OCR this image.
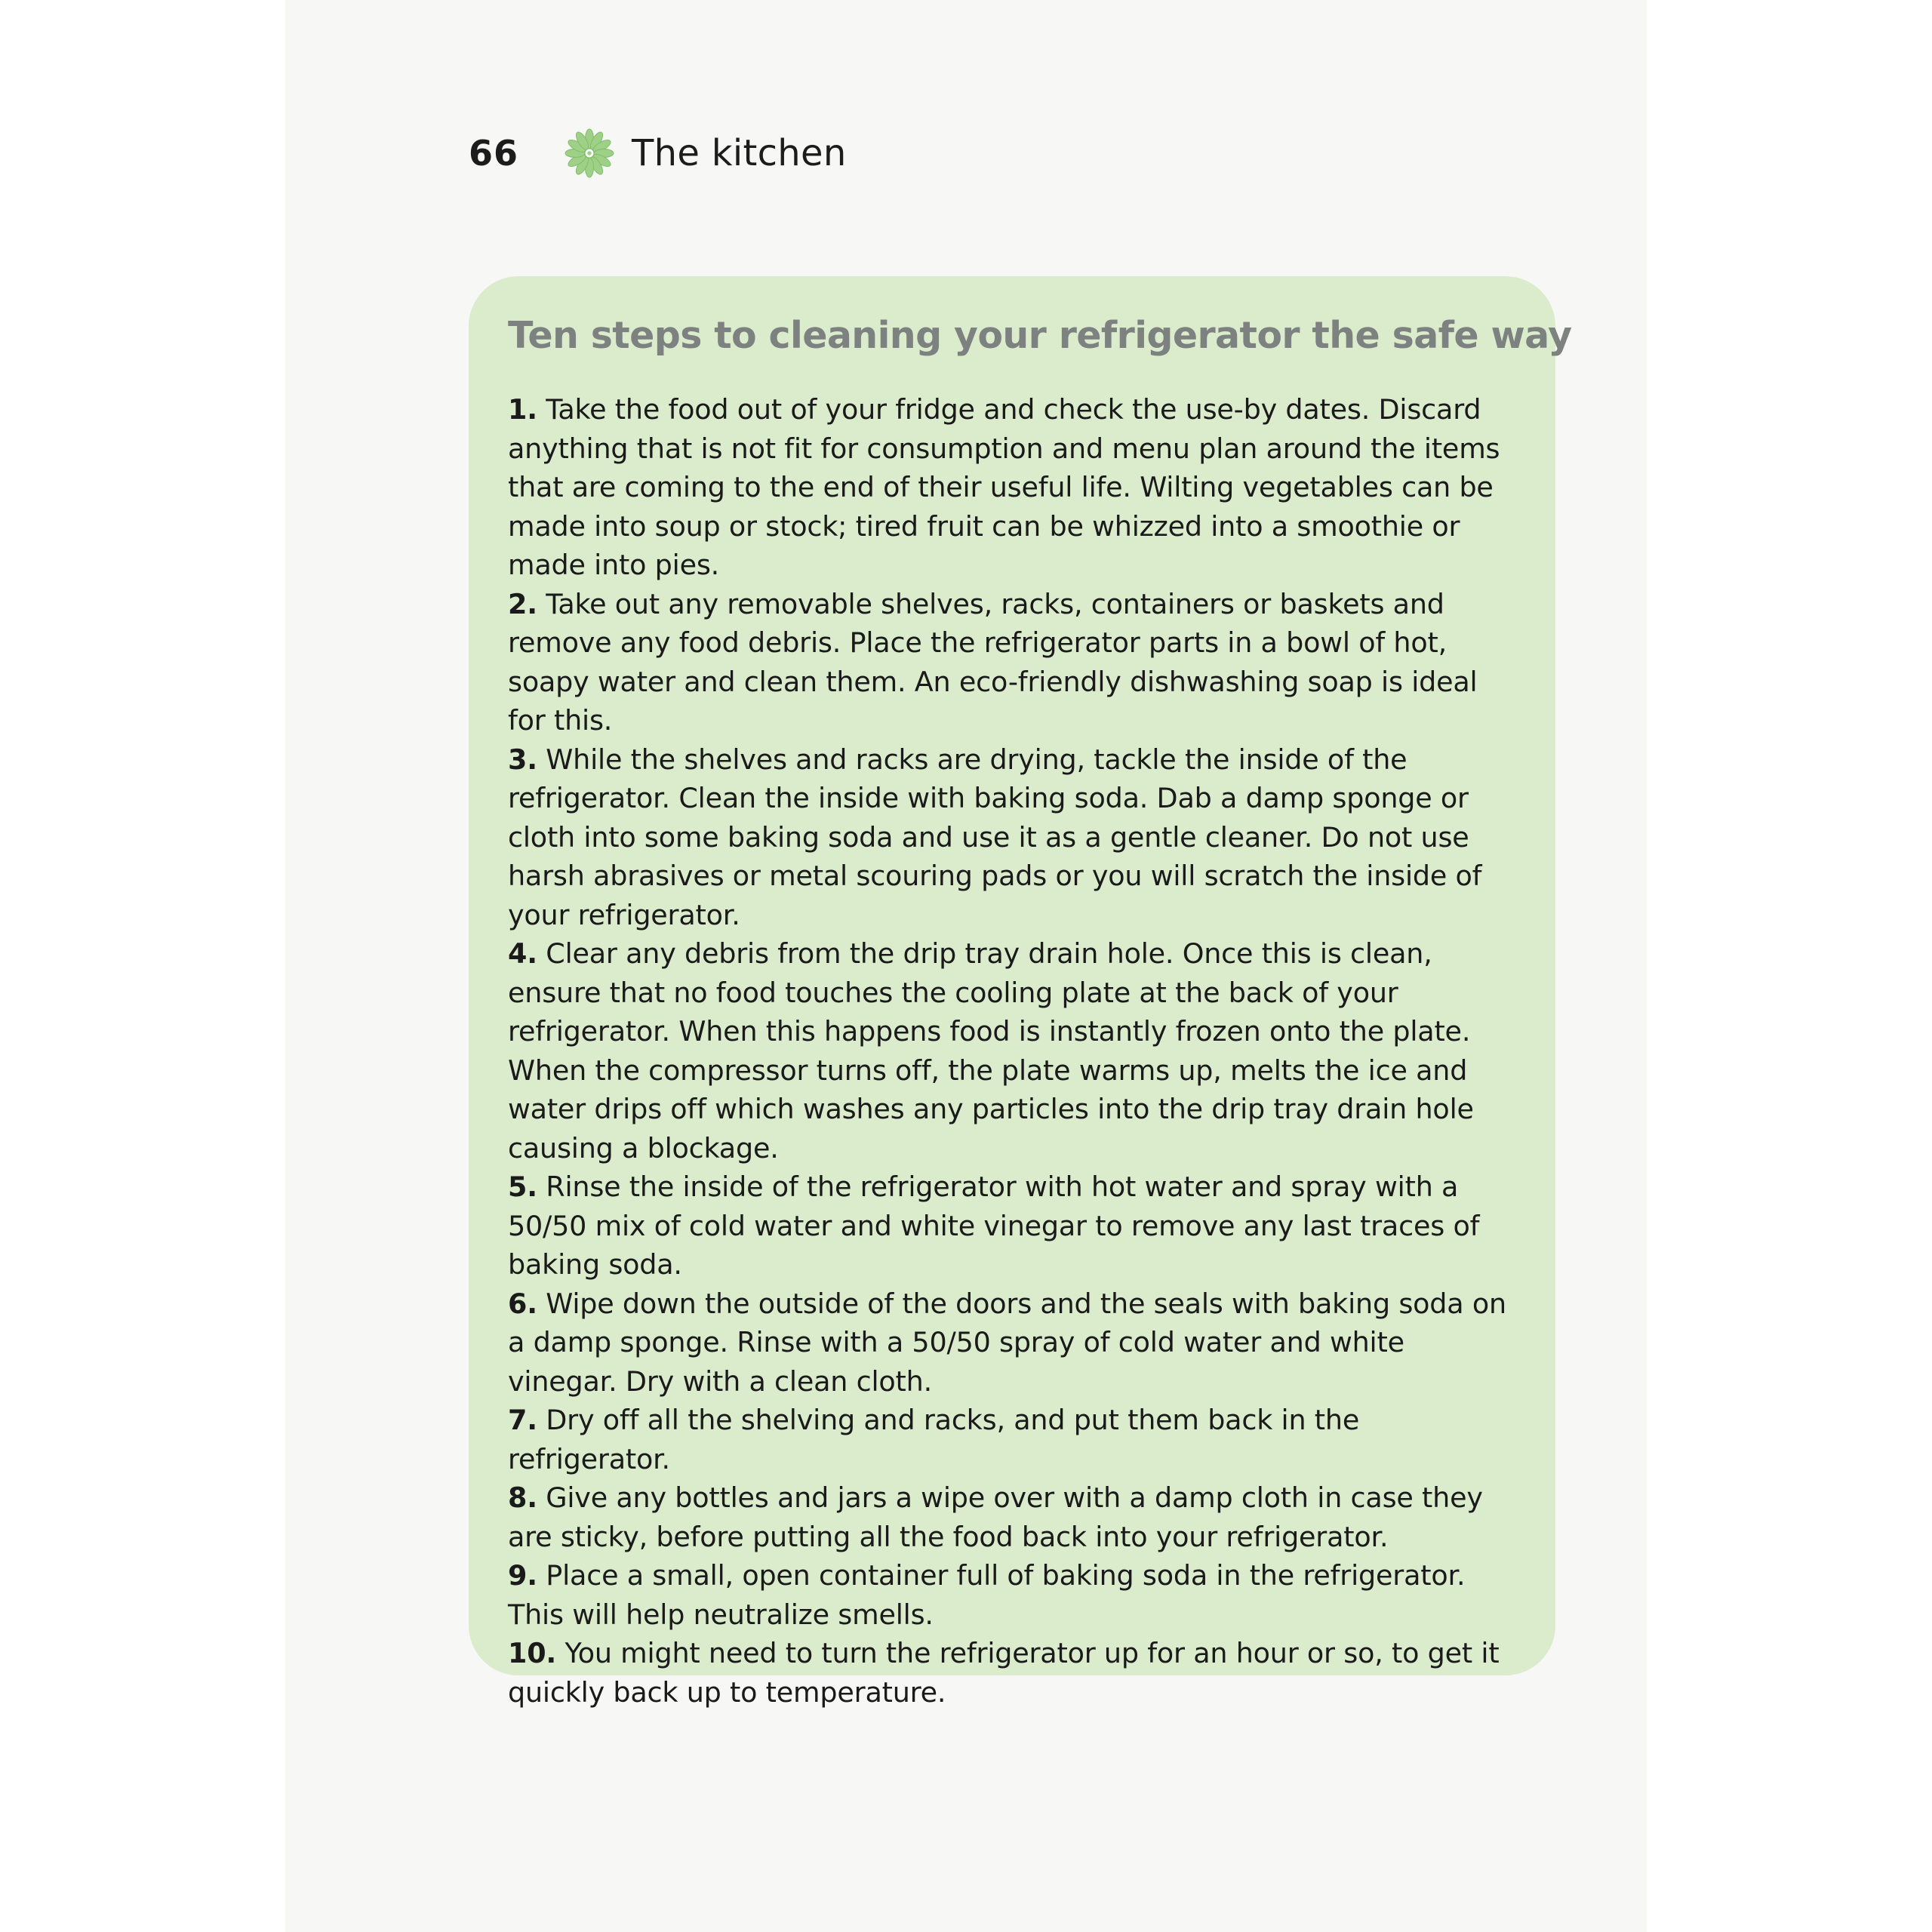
66	The kitchen
Ten steps to cleaning your refrigerator the safe way
1. Take the food out of your fridge and check the use-by dates. Discard anything that is not fit for consumption and menu plan around the items that are coming to the end of their useful life. Wilting vegetables can be made into soup or stock; tired fruit can be whizzed into a smoothie or made into pies.
2. Take out any removable shelves, racks, containers or baskets and remove any food debris. Place the refrigerator parts in a bowl of hot, soapy water and clean them. An eco-friendly dishwashing soap is ideal for this.
3. While the shelves and racks are drying, tackle the inside of the refrigerator. Clean the inside with baking soda. Dab a damp sponge or cloth into some baking soda and use it as a gentle cleaner. Do not use harsh abrasives or metal scouring pads or you will scratch the inside of your refrigerator.
4. Clear any debris from the drip tray drain hole. Once this is clean, ensure that no food touches the cooling plate at the back of your refrigerator. When this happens food is instantly frozen onto the plate. When the compressor turns off, the plate warms up, melts the ice and water drips off which washes any particles into the drip tray drain hole causing a blockage.
5. Rinse the inside of the refrigerator with hot water and spray with a 50/50 mix of cold water and white vinegar to remove any last traces of baking soda.
6. Wipe down the outside of the doors and the seals with baking soda on a damp sponge. Rinse with a 50/50 spray of cold water and white vinegar. Dry with a clean cloth.
7. Dry off all the shelving and racks, and put them back in the refrigerator.
8. Give any bottles and jars a wipe over with a damp cloth in case they are sticky, before putting all the food back into your refrigerator.
9. Place a small, open container full of baking soda in the refrigerator. This will help neutralize smells.
10. You might need to turn the refrigerator up for an hour or so, to get it quickly back up to temperature.
